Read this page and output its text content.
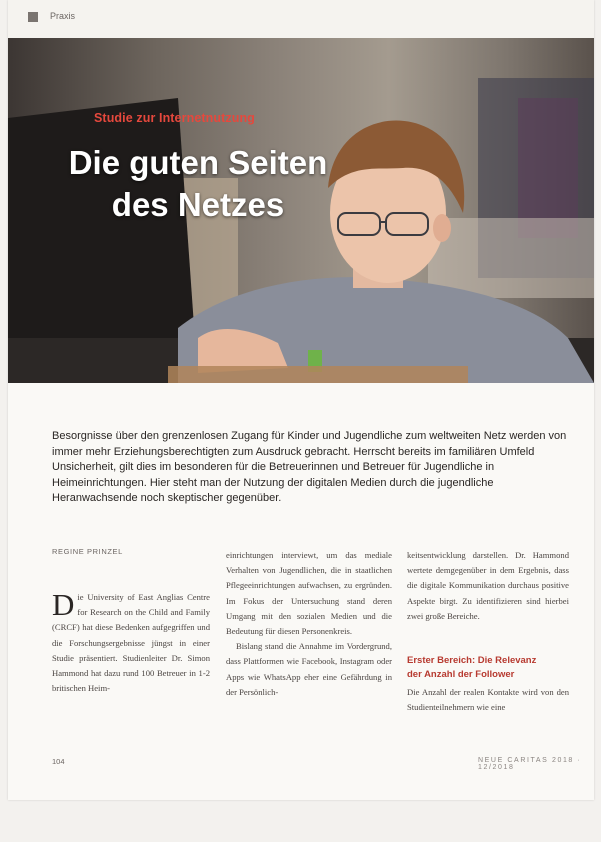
Praxis
Studie zur Internetnutzung
Die guten Seiten
des Netzes
Besorgnisse über den grenzenlosen Zugang für Kinder und Jugendliche zum weltweiten Netz werden von immer mehr Erziehungsberechtigten zum Ausdruck gebracht. Herrscht bereits im familiären Umfeld Unsicherheit, gilt dies im besonderen für die Betreuerinnen und Betreuer für Jugendliche in Heimeinrichtungen. Hier steht man der Nutzung der digitalen Medien durch die jugendliche Heranwachsende noch skeptischer gegenüber.
REGINE PRINZEL
Die University of East Anglias Centre for Research on the Child and Family (CRCF) hat diese Bedenken aufgegriffen und die Forschungsergebnisse jüngst in einer Studie präsentiert. Studienleiter Dr. Simon Hammond hat dazu rund 100 Betreuer in 1-2 britischen Heim-

einrichtungen interviewt, um das mediale Verhalten von Jugendlichen, die in staatlichen Pflegeeinrichtungen aufwachsen, zu ergründen. Im Fokus der Untersuchung stand deren Umgang mit den sozialen Medien und die Bedeutung für diesen Personenkreis.

Bislang stand die Annahme im Vordergrund, dass Plattformen wie Facebook, Instagram oder Apps wie WhatsApp eher eine Gefährdung in der Persönlich-

keitsentwicklung darstellen. Dr. Hammond wertete demgegenüber in dem Ergebnis, dass die digitale Kommunikation durchaus positive Aspekte birgt. Zu identifizieren sind hierbei zwei große Bereiche.

Erster Bereich: Die Relevanz
der Anzahl der Follower

Die Anzahl der realen Kontakte wird von den Studienteilnehmern wie eine

104	NEUE CARITAS 2018 · 12/2018
